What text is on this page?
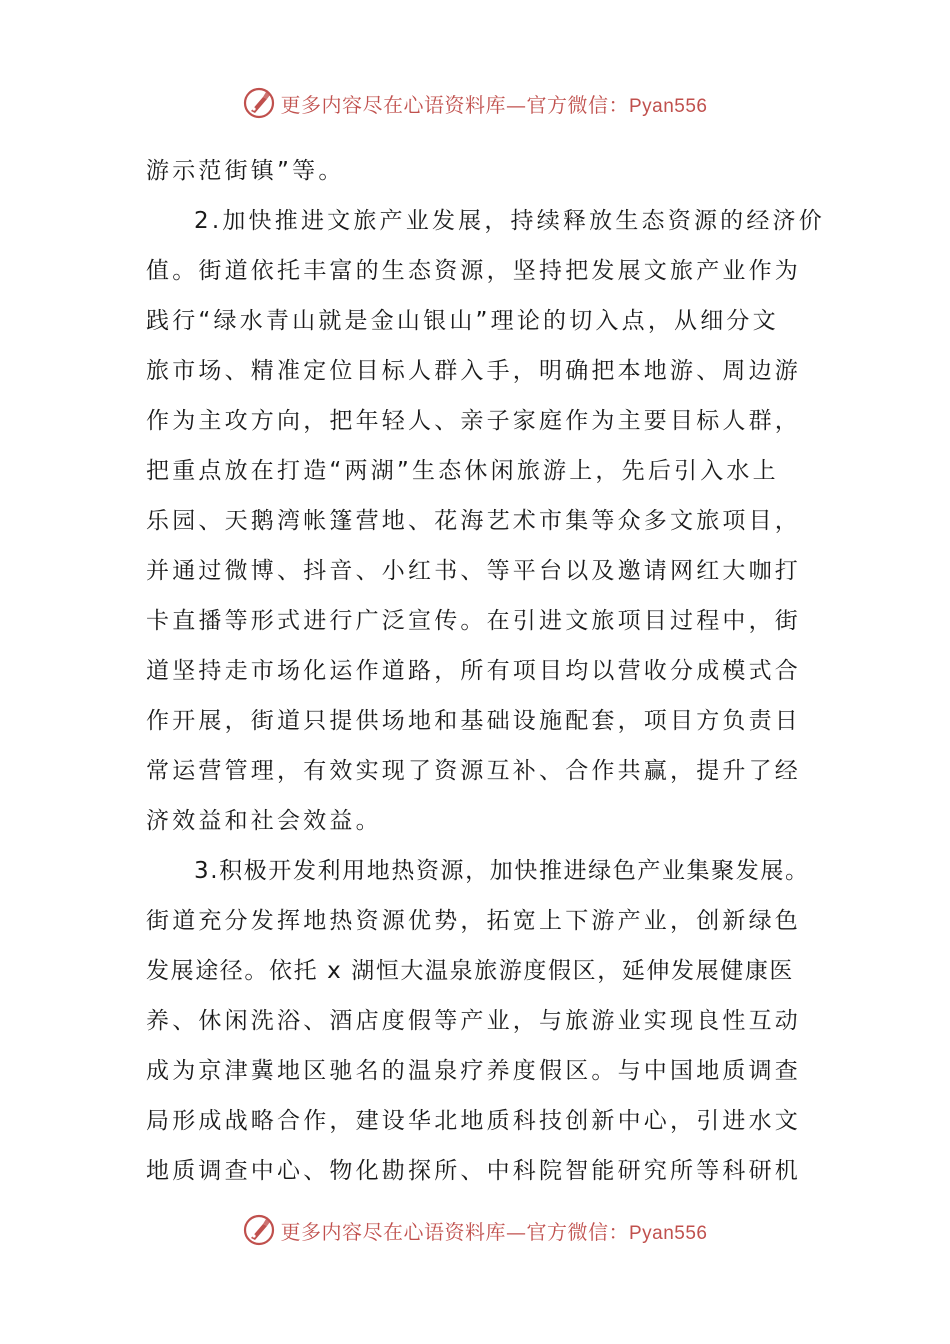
更多内容尽在心语资料库—官方微信：Pyan556
游示范街镇”等。
2.加快推进文旅产业发展，持续释放生态资源的经济价
值。街道依托丰富的生态资源，坚持把发展文旅产业作为
践行“绿水青山就是金山银山”理论的切入点，从细分文
旅市场、精准定位目标人群入手，明确把本地游、周边游
作为主攻方向，把年轻人、亲子家庭作为主要目标人群，
把重点放在打造“两湖”生态休闲旅游上，先后引入水上
乐园、天鹅湾帐篷营地、花海艺术市集等众多文旅项目，
并通过微博、抖音、小红书、等平台以及邀请网红大咖打
卡直播等形式进行广泛宣传。在引进文旅项目过程中，街
道坚持走市场化运作道路，所有项目均以营收分成模式合
作开展，街道只提供场地和基础设施配套，项目方负责日
常运营管理，有效实现了资源互补、合作共赢，提升了经
济效益和社会效益。
3.积极开发利用地热资源，加快推进绿色产业集聚发展。
街道充分发挥地热资源优势，拓宽上下游产业，创新绿色
发展途径。依托 x 湖恒大温泉旅游度假区，延伸发展健康医
养、休闲洗浴、酒店度假等产业，与旅游业实现良性互动
成为京津冀地区驰名的温泉疗养度假区。与中国地质调查
局形成战略合作，建设华北地质科技创新中心，引进水文
地质调查中心、物化勘探所、中科院智能研究所等科研机
更多内容尽在心语资料库—官方微信：Pyan556
